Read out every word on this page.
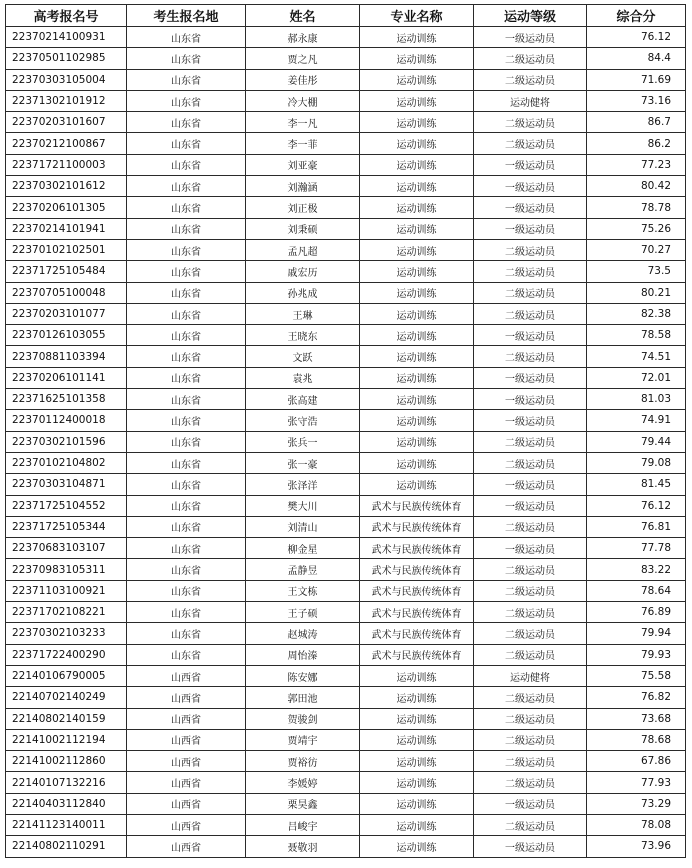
高考报名号	考生报名地	姓名	专业名称	运动等级	综合分
22370214100931	山东省	郝永康	运动训练	一级运动员	76.12
22370501102985	山东省	贾之凡	运动训练	二级运动员	84.4
22370303105004	山东省	姜佳彤	运动训练	二级运动员	71.69
22371302101912	山东省	冷大棚	运动训练	运动健将	73.16
22370203101607	山东省	李一凡	运动训练	二级运动员	86.7
22370212100867	山东省	李一菲	运动训练	二级运动员	86.2
22371721100003	山东省	刘亚豪	运动训练	一级运动员	77.23
22370302101612	山东省	刘瀚涵	运动训练	一级运动员	80.42
22370206101305	山东省	刘正极	运动训练	一级运动员	78.78
22370214101941	山东省	刘秉硕	运动训练	一级运动员	75.26
22370102102501	山东省	孟凡超	运动训练	二级运动员	70.27
22371725105484	山东省	戚宏历	运动训练	二级运动员	73.5
22370705100048	山东省	孙兆成	运动训练	二级运动员	80.21
22370203101077	山东省	王琳	运动训练	二级运动员	82.38
22370126103055	山东省	王晓东	运动训练	一级运动员	78.58
22370881103394	山东省	文跃	运动训练	二级运动员	74.51
22370206101141	山东省	袁兆	运动训练	一级运动员	72.01
22371625101358	山东省	张高建	运动训练	一级运动员	81.03
22370112400018	山东省	张守浩	运动训练	一级运动员	74.91
22370302101596	山东省	张兵一	运动训练	二级运动员	79.44
22370102104802	山东省	张一豪	运动训练	二级运动员	79.08
22370303104871	山东省	张泽洋	运动训练	一级运动员	81.45
22371725104552	山东省	樊大川	武术与民族传统体育	一级运动员	76.12
22371725105344	山东省	刘清山	武术与民族传统体育	二级运动员	76.81
22370683103107	山东省	柳金星	武术与民族传统体育	一级运动员	77.78
22370983105311	山东省	孟静昱	武术与民族传统体育	二级运动员	83.22
22371103100921	山东省	王文栋	武术与民族传统体育	二级运动员	78.64
22371702108221	山东省	王子硕	武术与民族传统体育	二级运动员	76.89
22370302103233	山东省	赵城涛	武术与民族传统体育	二级运动员	79.94
22371722400290	山东省	周怡溱	武术与民族传统体育	二级运动员	79.93
22140106790005	山西省	陈安娜	运动训练	运动健将	75.58
22140702140249	山西省	郭田池	运动训练	二级运动员	76.82
22140802140159	山西省	贺骏剑	运动训练	二级运动员	73.68
22141002112194	山西省	贾靖宇	运动训练	二级运动员	78.68
22141002112860	山西省	贾裕彷	运动训练	二级运动员	67.86
22140107132216	山西省	李媛婷	运动训练	二级运动员	77.93
22140403112840	山西省	栗昊鑫	运动训练	一级运动员	73.29
22141123140011	山西省	吕峻宇	运动训练	二级运动员	78.08
22140802110291	山西省	聂敬羽	运动训练	一级运动员	73.96
